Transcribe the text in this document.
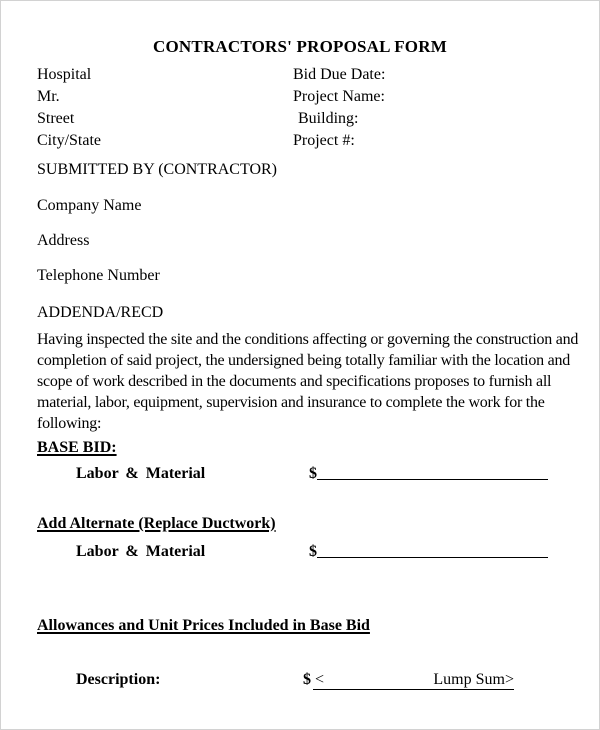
CONTRACTORS' PROPOSAL FORM
Hospital	Bid Due Date:
Mr.	Project Name:
Street	Building:
City/State	Project #:
SUBMITTED BY (CONTRACTOR)
Company Name
Address
Telephone Number
ADDENDA/RECD
Having inspected the site and the conditions affecting or governing the construction and completion of said project, the undersigned being totally familiar with the location and scope of work described in the documents and specifications proposes to furnish all material, labor, equipment, supervision and insurance to complete the work for the following:
BASE BID:
Labor & Material	$
Add Alternate (Replace Ductwork)
Labor & Material	$
Allowances and Unit Prices Included in Base Bid
Description:	$ <	Lump Sum>
